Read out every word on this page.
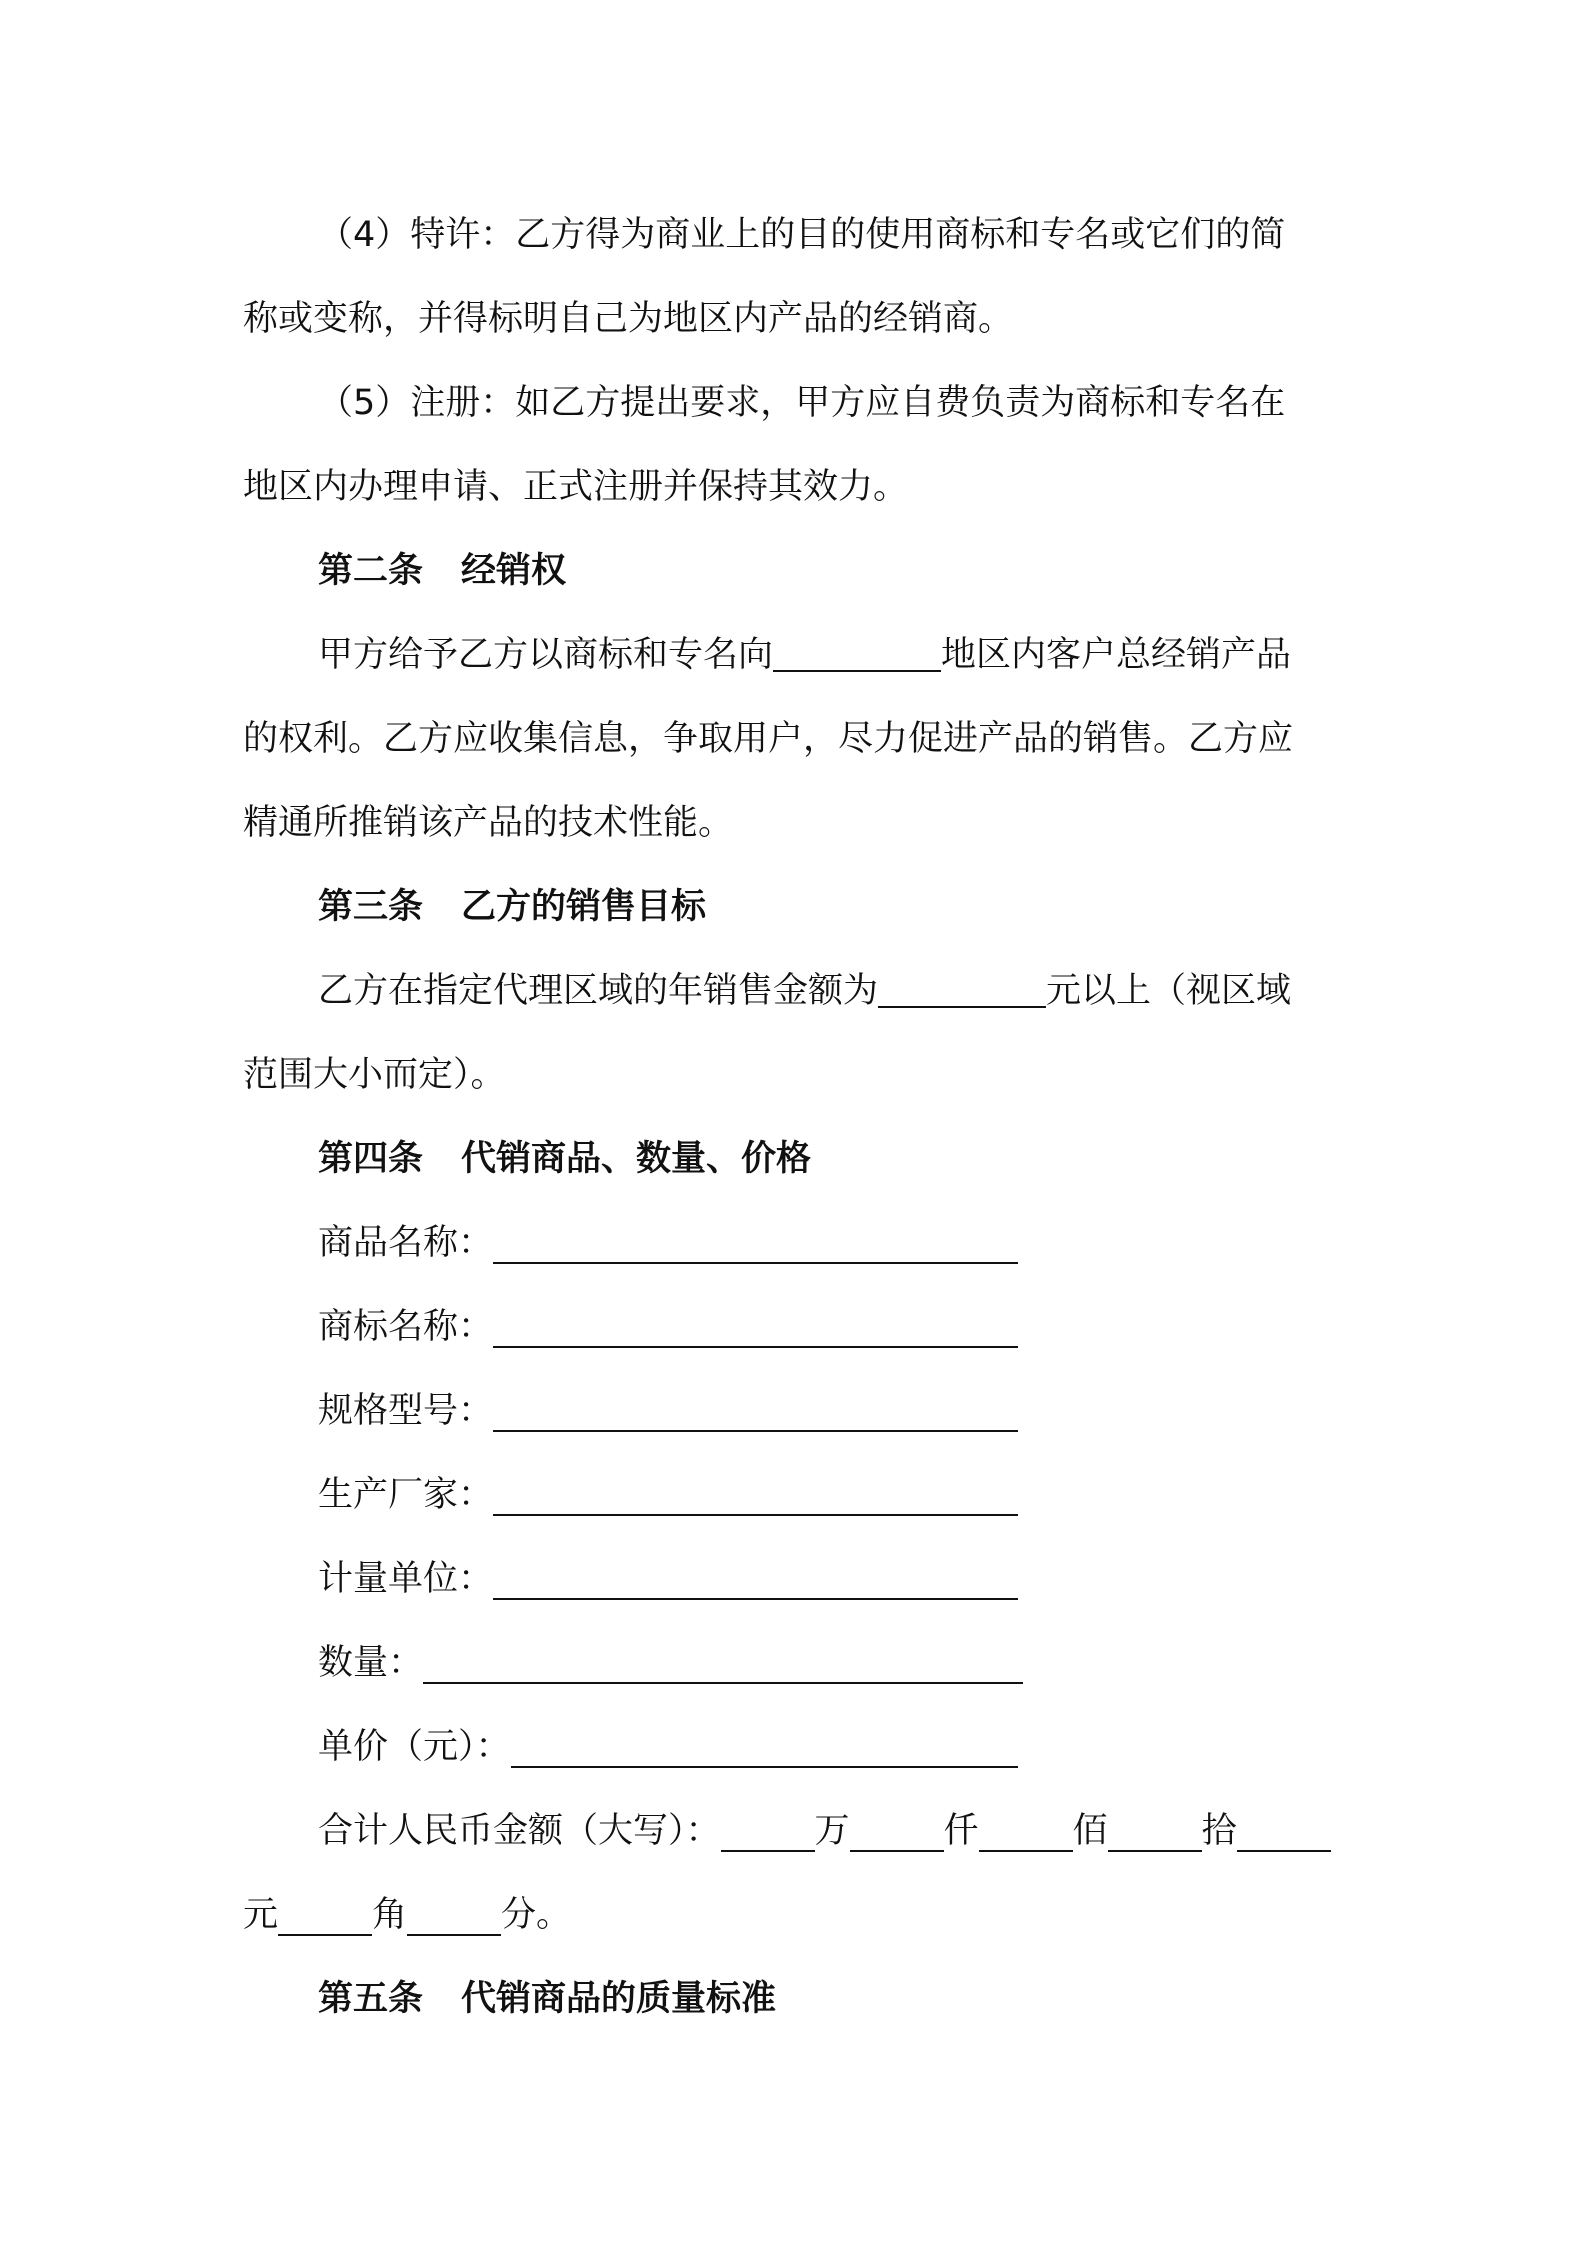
（4）特许：乙方得为商业上的目的使用商标和专名或它们的简
称或变称，并得标明自己为地区内产品的经销商。
（5）注册：如乙方提出要求，甲方应自费负责为商标和专名在
地区内办理申请、正式注册并保持其效力。
第二条 经销权
甲方给予乙方以商标和专名向	地区内客户总经销产品
的权利。乙方应收集信息，争取用户，尽力促进产品的销售。乙方应
精通所推销该产品的技术性能。
第三条 乙方的销售目标
乙方在指定代理区域的年销售金额为	元以上（视区域
范围大小而定）。
第四条 代销商品、数量、价格
商品名称：
商标名称：
规格型号：
生产厂家：
计量单位：
数量：
单价（元）：
合计人民币金额（大写）：	万	仟	佰	拾
元	角	分。
第五条 代销商品的质量标准
